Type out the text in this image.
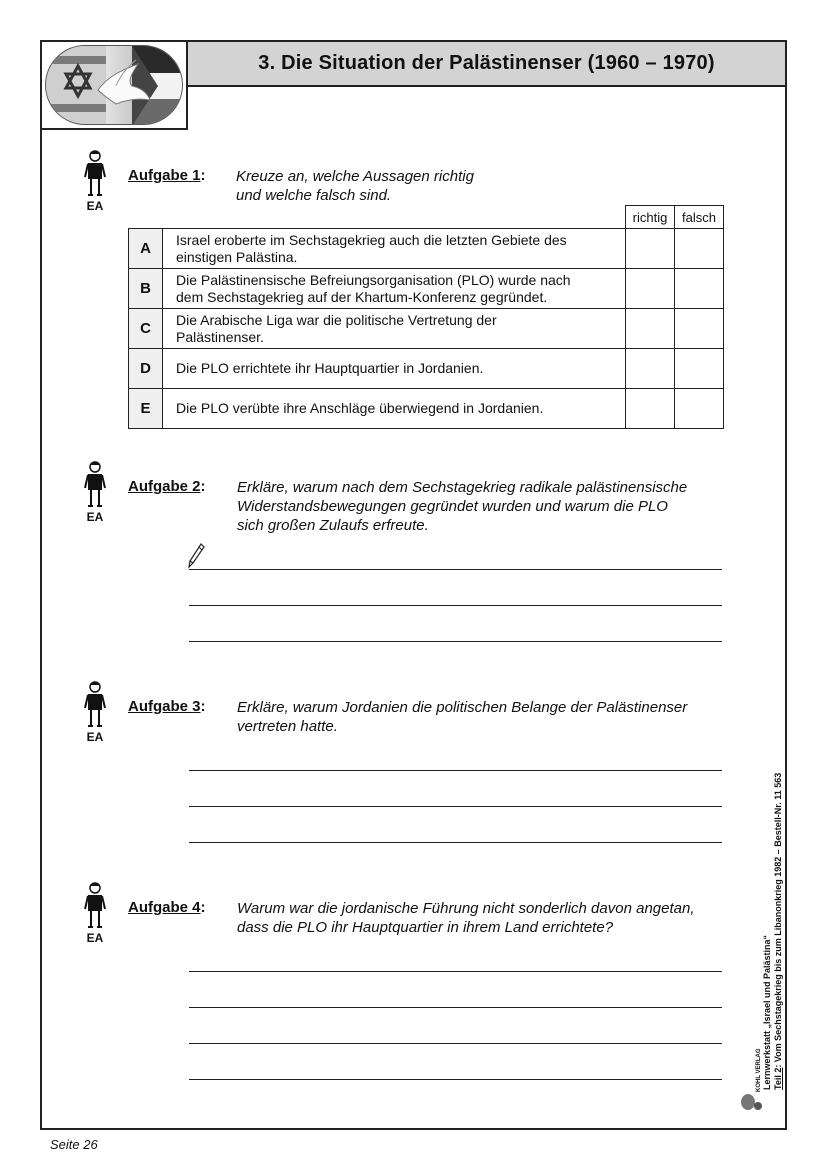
3. Die Situation der Palästinenser (1960 – 1970)
EA
EA
EA
EA
Aufgabe 1: Kreuze an, welche Aussagen richtig
und welche falsch sind.
		richtig	falsch
A	Israel eroberte im Sechstagekrieg auch die letzten Gebiete des
einstigen Palästina.		

B	Die Palästinensische Befreiungsorganisation (PLO) wurde nach
dem Sechstagekrieg auf der Khartum-Konferenz gegründet.		

C	Die Arabische Liga war die politische Vertretung der
Palästinenser.		

D	Die PLO errichtete ihr Hauptquartier in Jordanien.		

E	Die PLO verübte ihre Anschläge überwiegend in Jordanien.		

Aufgabe 2: Erkläre, warum nach dem Sechstagekrieg radikale palästinensische
Widerstandsbewegungen gegründet wurden und warum die PLO
sich großen Zulaufs erfreute.
Aufgabe 3: Erkläre, warum Jordanien die politischen Belange der Palästinenser
vertreten hatte.
Aufgabe 4: Warum war die jordanische Führung nicht sonderlich davon angetan,
dass die PLO ihr Hauptquartier in ihrem Land errichtete?
Lernwerkstatt „Israel und Palästina“ Teil 2: Vom Sechstagekrieg bis zum Libanonkrieg 1982 – Bestell-Nr. 11 563
KOHL VERLAG
Seite 26
